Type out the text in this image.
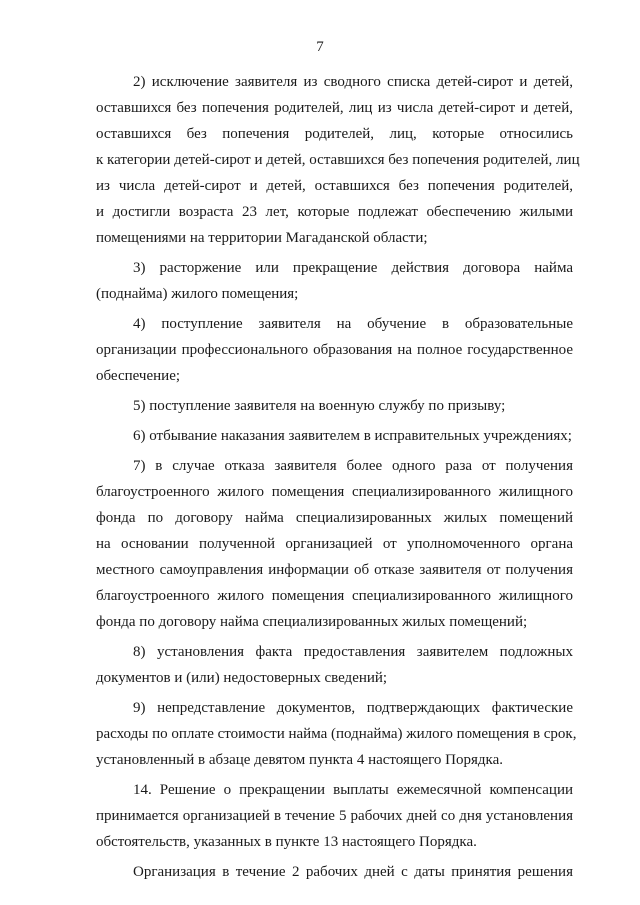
7
2) исключение заявителя из сводного списка детей-сирот и детей,
оставшихся без попечения родителей, лиц из числа детей-сирот и детей,
оставшихся без попечения родителей, лиц, которые относились
к категории детей-сирот и детей, оставшихся без попечения родителей, лиц
из числа детей-сирот и детей, оставшихся без попечения родителей,
и достигли возраста 23 лет, которые подлежат обеспечению жилыми
помещениями на территории Магаданской области;
3) расторжение или прекращение действия договора найма
(поднайма) жилого помещения;
4) поступление заявителя на обучение в образовательные
организации профессионального образования на полное государственное
обеспечение;
5) поступление заявителя на военную службу по призыву;
6) отбывание наказания заявителем в исправительных учреждениях;
7) в случае отказа заявителя более одного раза от получения
благоустроенного жилого помещения специализированного жилищного
фонда по договору найма специализированных жилых помещений
на основании полученной организацией от уполномоченного органа
местного самоуправления информации об отказе заявителя от получения
благоустроенного жилого помещения специализированного жилищного
фонда по договору найма специализированных жилых помещений;
8) установления факта предоставления заявителем подложных
документов и (или) недостоверных сведений;
9) непредставление документов, подтверждающих фактические
расходы по оплате стоимости найма (поднайма) жилого помещения в срок,
установленный в абзаце девятом пункта 4 настоящего Порядка.
14. Решение о прекращении выплаты ежемесячной компенсации
принимается организацией в течение 5 рабочих дней со дня установления
обстоятельств, указанных в пункте 13 настоящего Порядка.
Организация в течение 2 рабочих дней с даты принятия решения
